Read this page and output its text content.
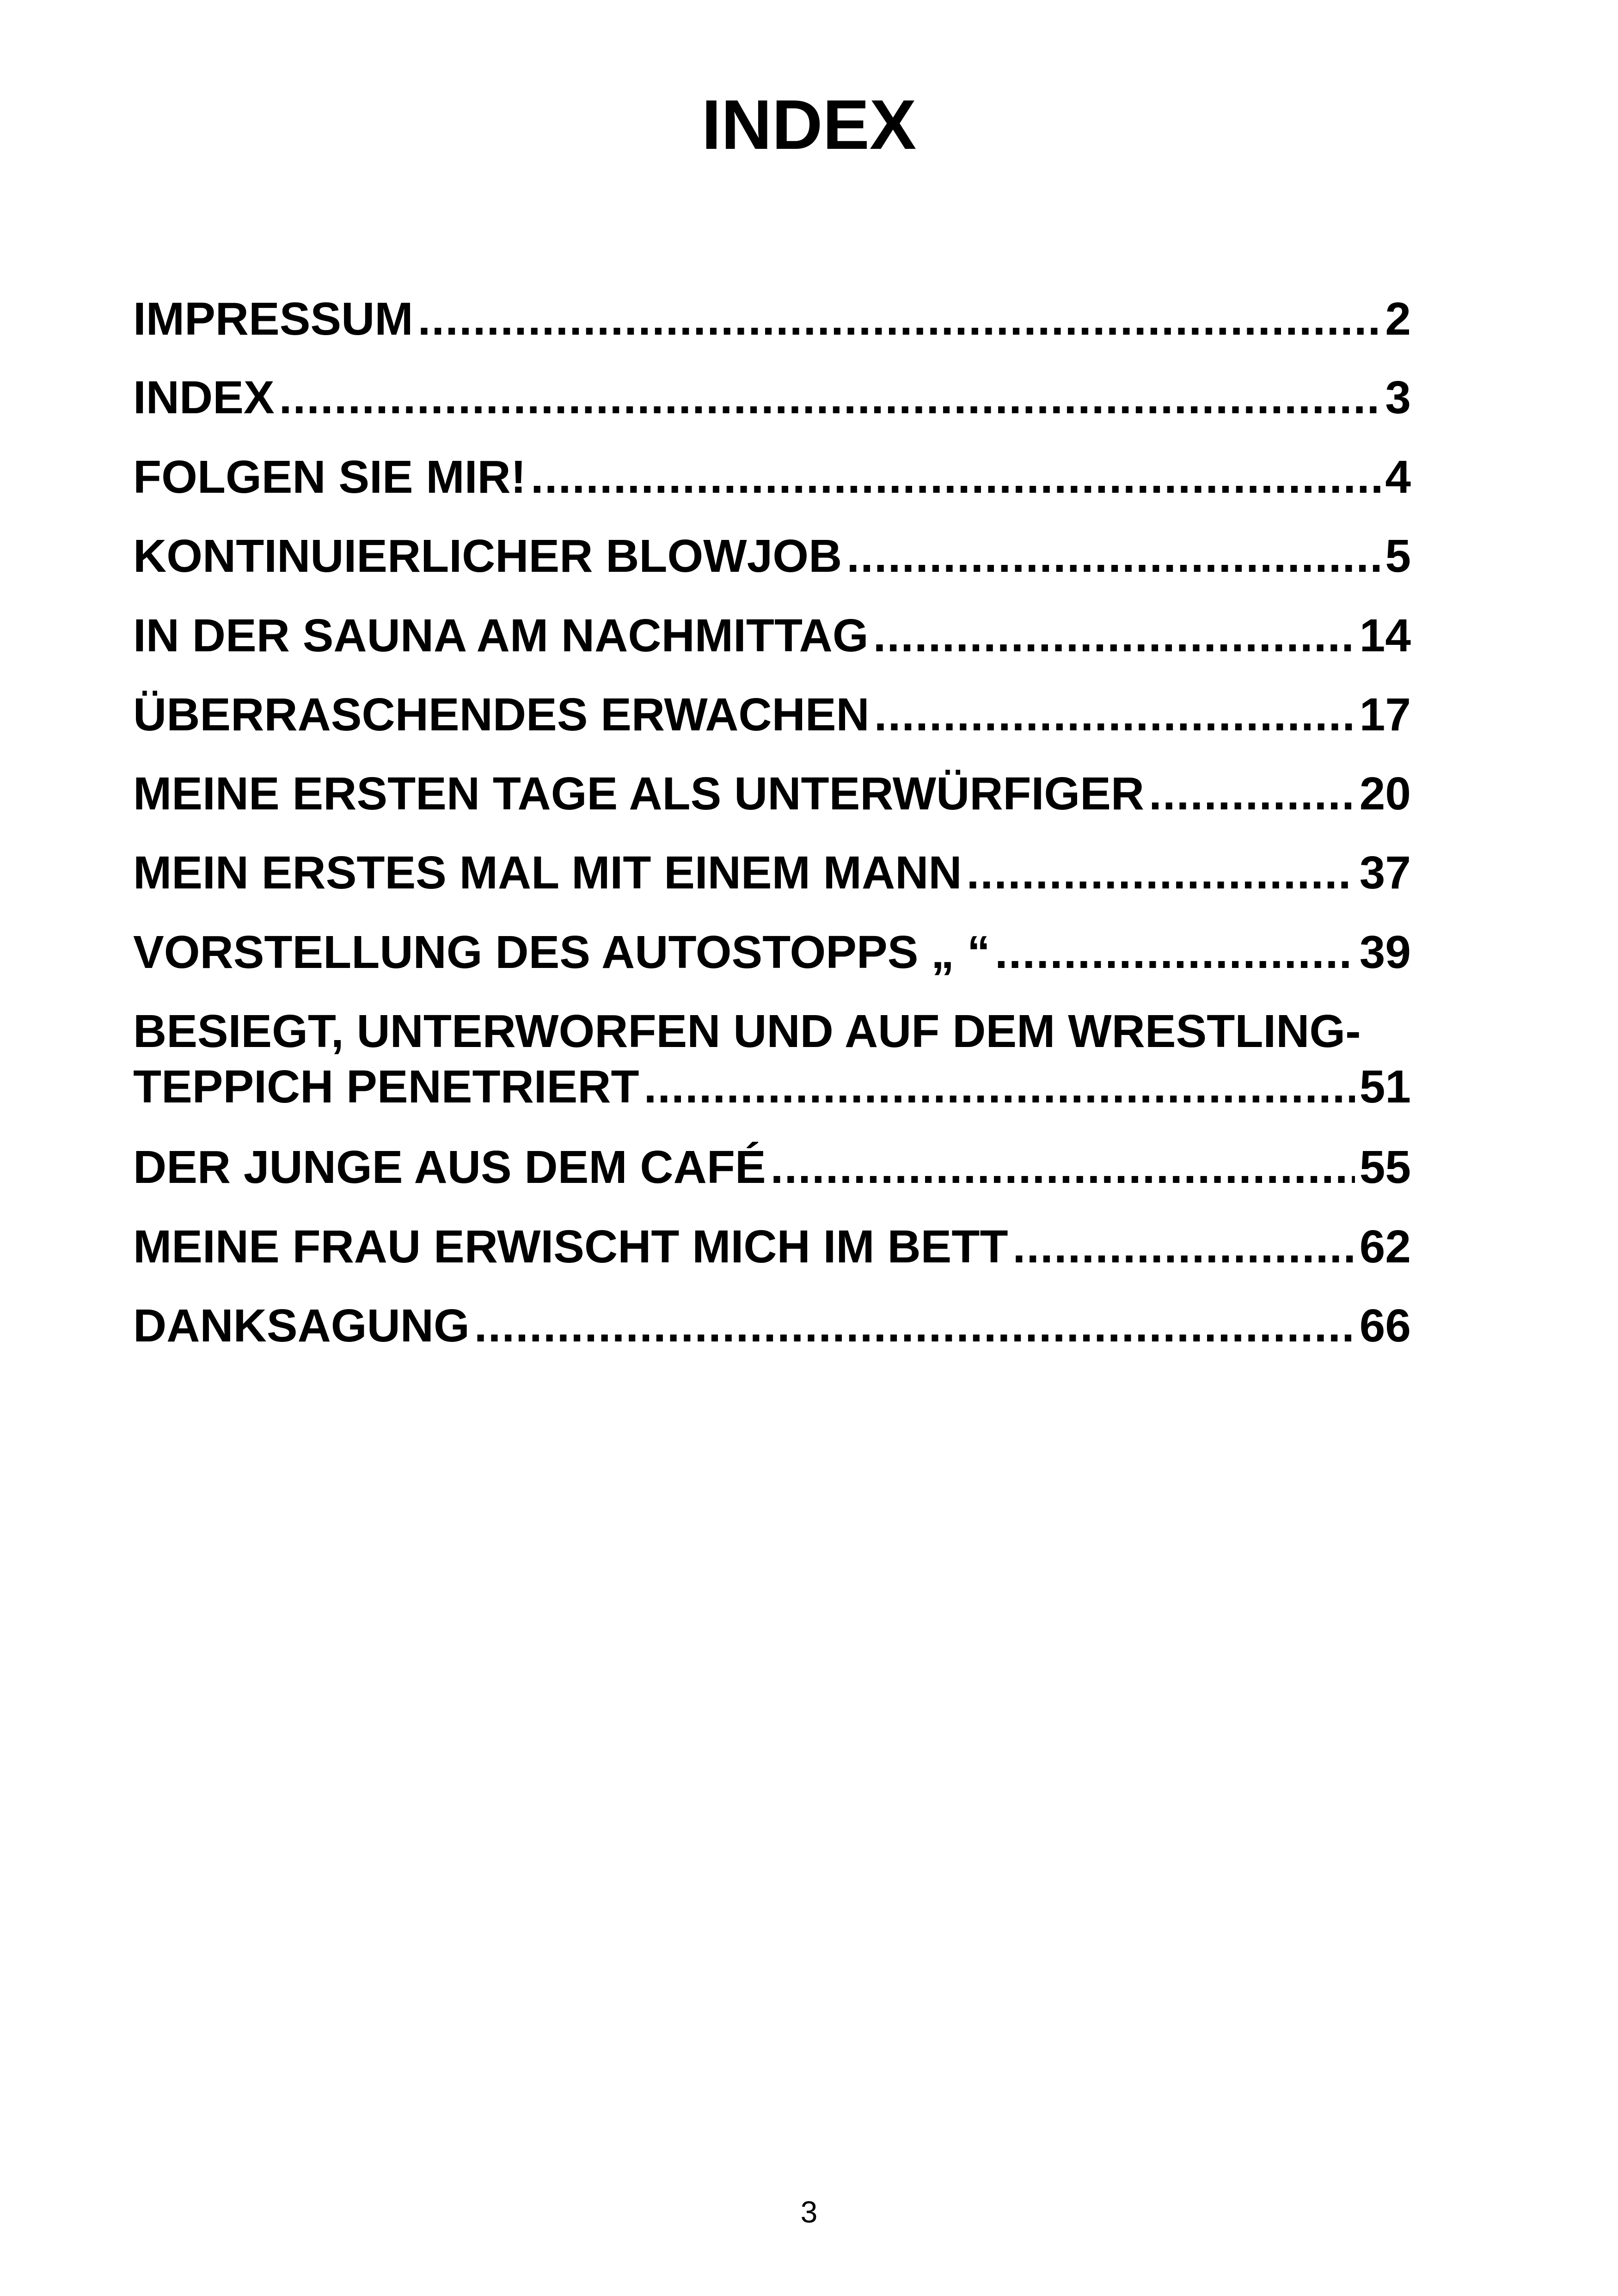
INDEX
IMPRESSUM .....	2
INDEX .....	3
FOLGEN SIE MIR! .....	4
KONTINUIERLICHER BLOWJOB .....	5
IN DER SAUNA AM NACHMITTAG .....	14
ÜBERRASCHENDES ERWACHEN .....	17
MEINE ERSTEN TAGE ALS UNTERWÜRFIGER .....	20
MEIN ERSTES MAL MIT EINEM MANN .....	37
VORSTELLUNG DES AUTOSTOPPS „ “ .....	39
BESIEGT, UNTERWORFEN UND AUF DEM WRESTLING-
TEPPICH PENETRIERT .....	51
DER JUNGE AUS DEM CAFÉ .....	55
MEINE FRAU ERWISCHT MICH IM BETT .....	62
DANKSAGUNG .....	66
3
